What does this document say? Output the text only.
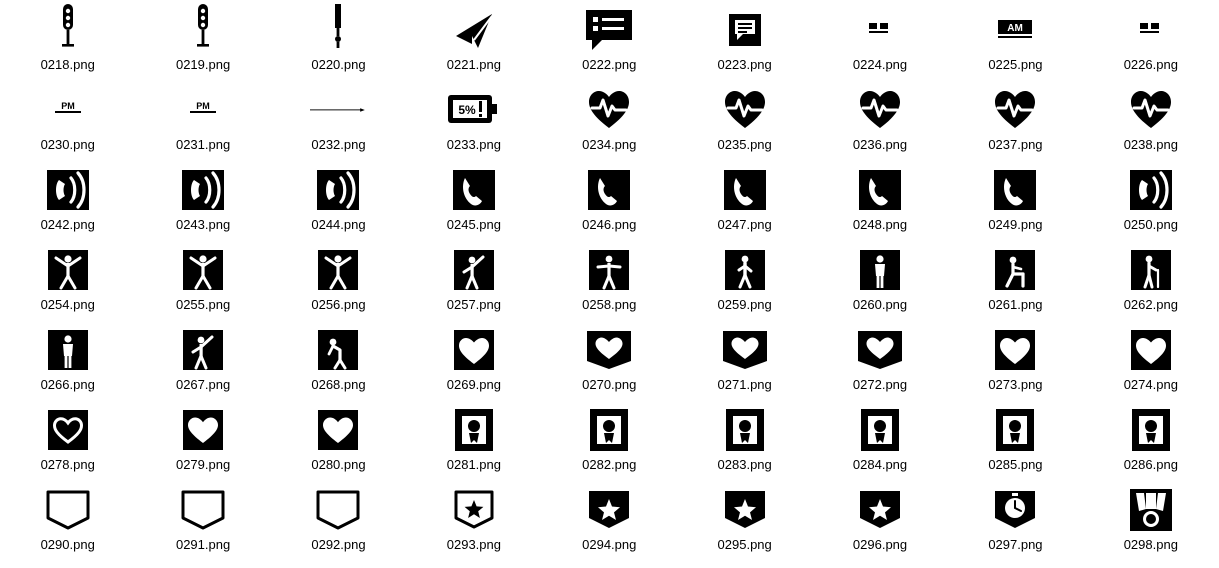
0218.png	0219.png	0220.png	0221.png	0222.png	0223.png	0224.png
AM
0225.png	0226.png
PM
0230.png
PM
0231.png	0232.png
5%
0233.png	0234.png	0235.png	0236.png	0237.png	0238.png
0242.png	0243.png	0244.png	0245.png	0246.png	0247.png	0248.png	0249.png	0250.png
0254.png	0255.png	0256.png	0257.png	0258.png	0259.png	0260.png	0261.png	0262.png
0266.png	0267.png	0268.png	0269.png	0270.png	0271.png	0272.png	0273.png	0274.png
0278.png	0279.png	0280.png	0281.png	0282.png	0283.png	0284.png	0285.png	0286.png
0290.png	0291.png	0292.png	0293.png	0294.png	0295.png	0296.png	0297.png	0298.png
